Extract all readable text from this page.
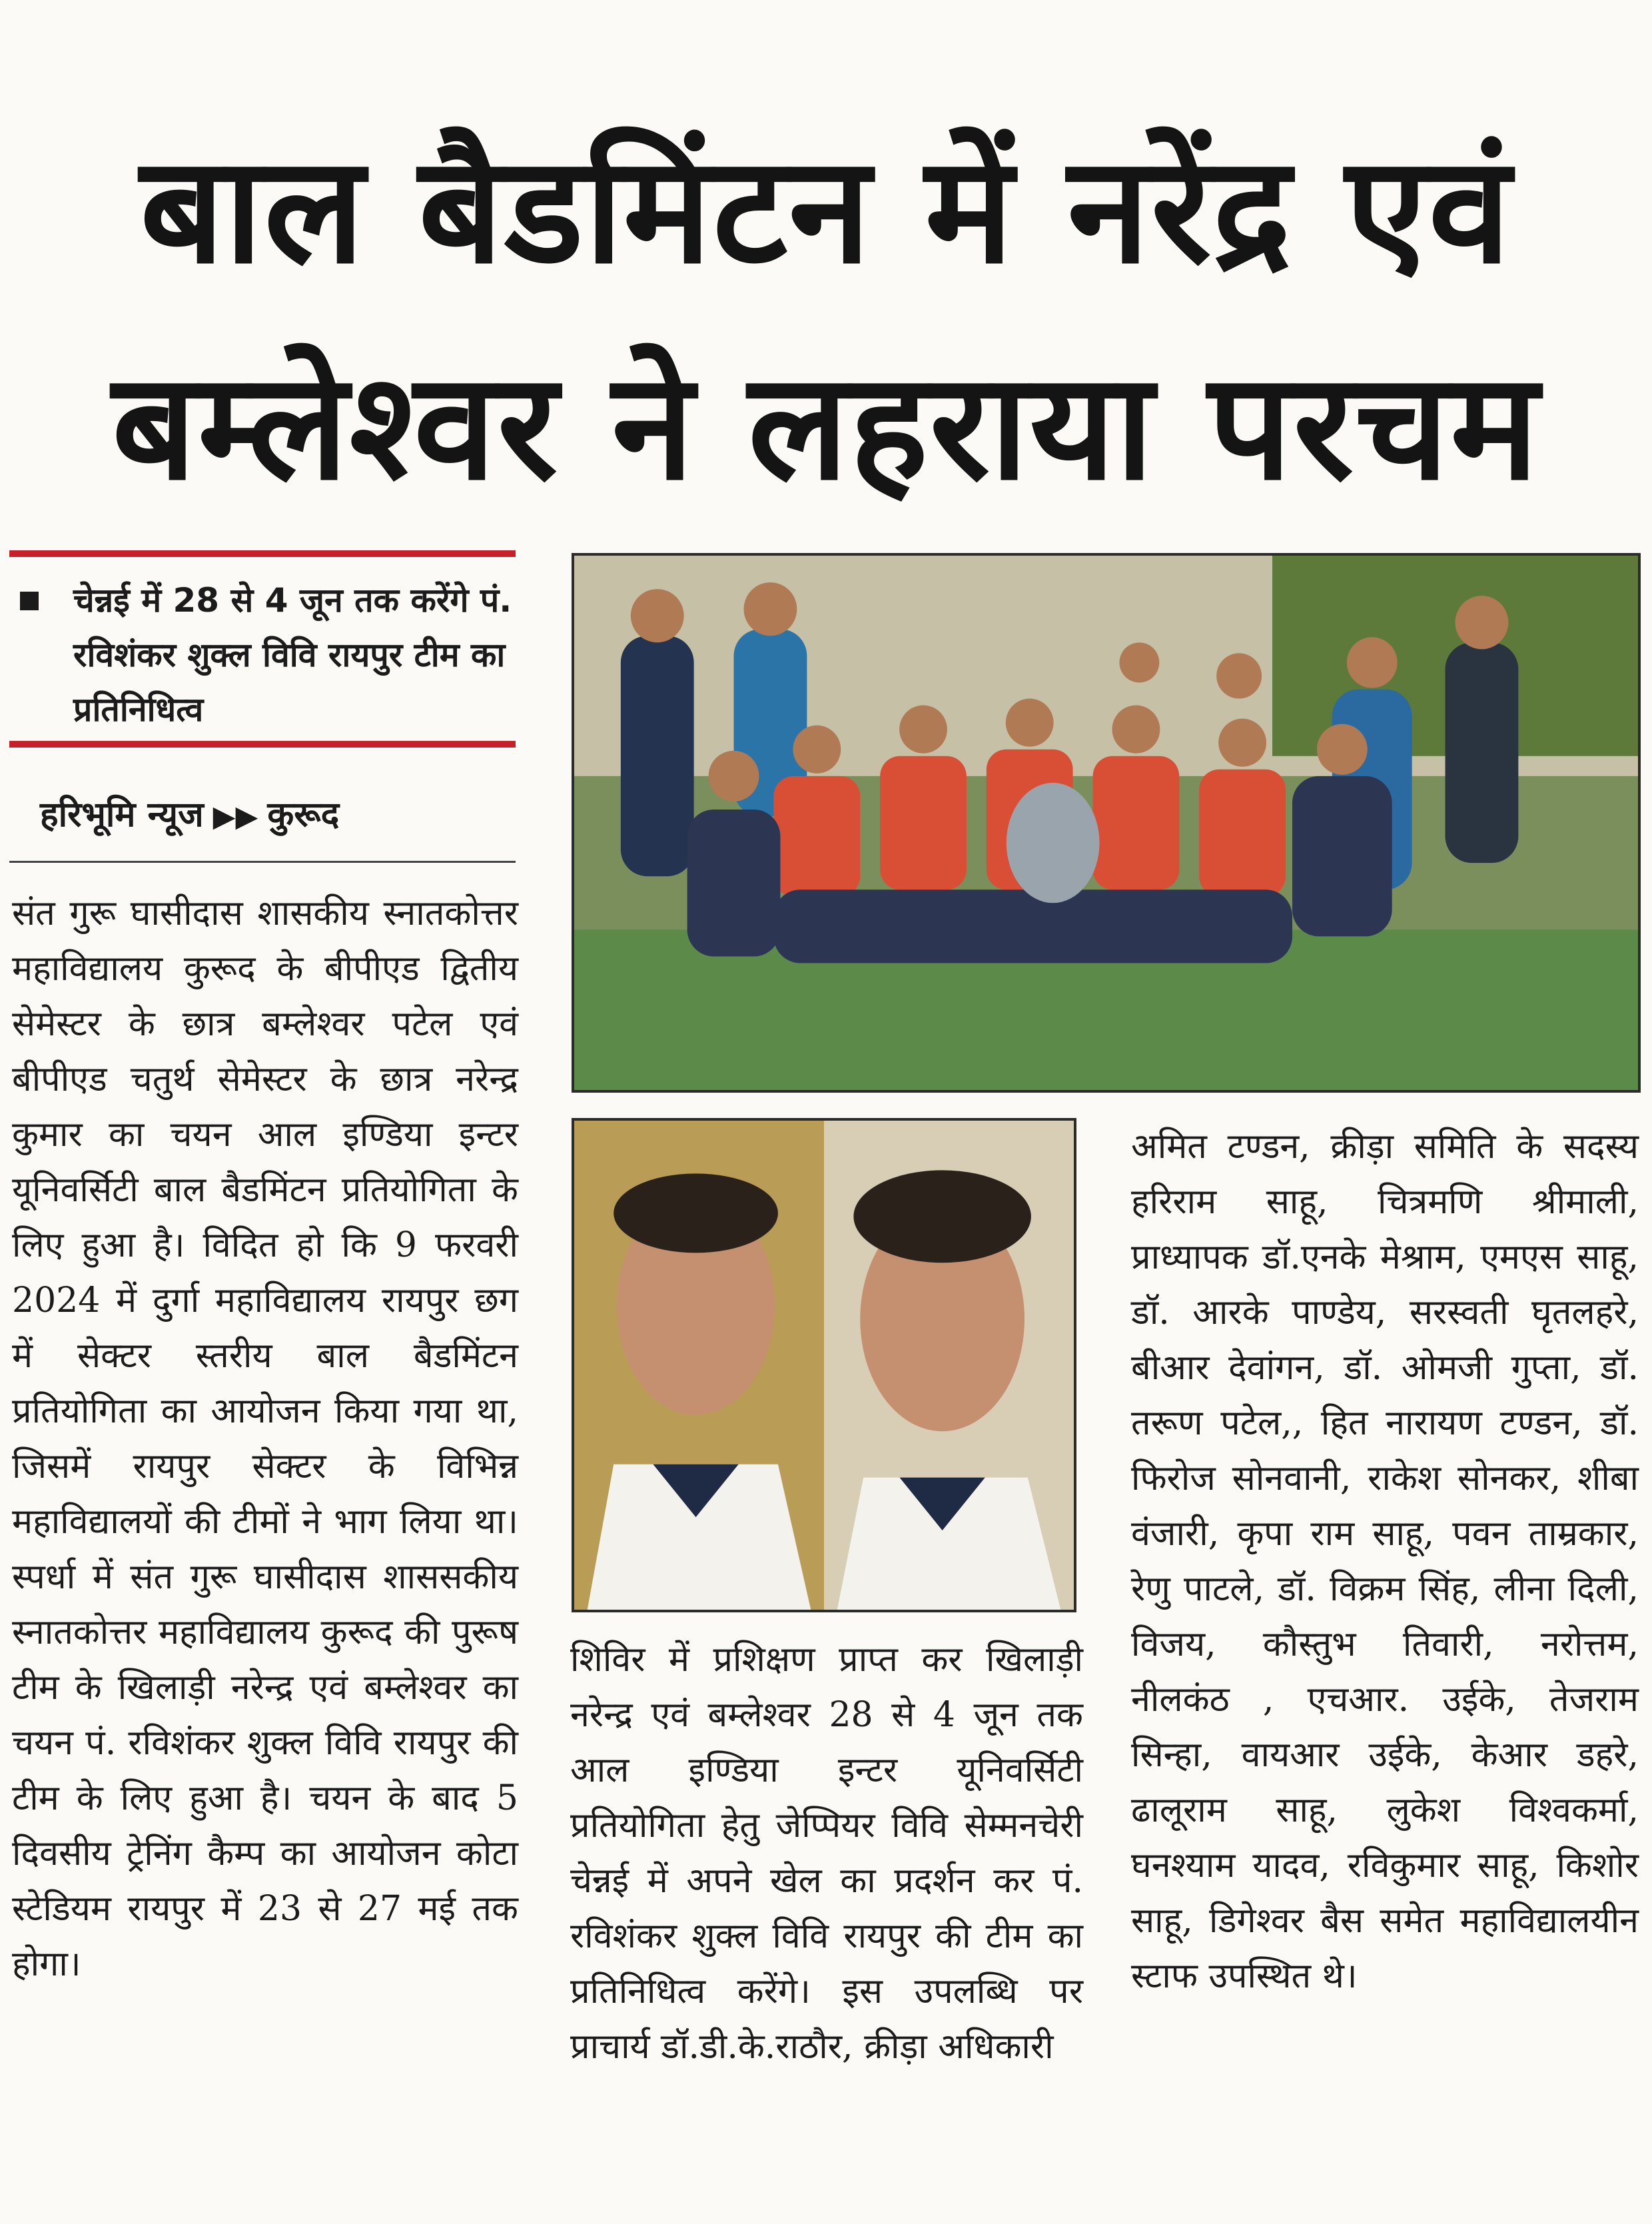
बाल बैडमिंटन में नरेंद्र एवं
बम्लेश्वर ने लहराया परचम
चेन्नई में 28 से 4 जून तक करेंगे पं. रविशंकर शुक्ल विवि रायपुर टीम का प्रतिनिधित्व
हरिभूमि न्यूज ▶▶ कुरूद

संत गुरू घासीदास शासकीय स्नातकोत्तर महाविद्यालय कुरूद के बीपीएड द्वितीय सेमेस्टर के छात्र बम्लेश्वर पटेल एवं बीपीएड चतुर्थ सेमेस्टर के छात्र नरेन्द्र कुमार का चयन आल इण्डिया इन्टर यूनिवर्सिटी बाल बैडमिंटन प्रतियोगिता के लिए हुआ है। विदित हो कि 9 फरवरी 2024 में दुर्गा महाविद्यालय रायपुर छग में सेक्टर स्तरीय बाल बैडमिंटन प्रतियोगिता का आयोजन किया गया था, जिसमें रायपुर सेक्टर के विभिन्न महाविद्यालयों की टीमों ने भाग लिया था। स्पर्धा में संत गुरू घासीदास शाससकीय स्नातकोत्तर महाविद्यालय कुरूद की पुरूष टीम के खिलाड़ी नरेन्द्र एवं बम्लेश्वर का चयन पं. रविशंकर शुक्ल विवि रायपुर की टीम के लिए हुआ है। चयन के बाद 5 दिवसीय ट्रेनिंग कैम्प का आयोजन कोटा स्टेडियम रायपुर में 23 से 27 मई तक होगा।

शिविर में प्रशिक्षण प्राप्त कर खिलाड़ी नरेन्द्र एवं बम्लेश्वर 28 से 4 जून तक आल इण्डिया इन्टर यूनिवर्सिटी प्रतियोगिता हेतु जेप्पियर विवि सेम्मनचेरी चेन्नई में अपने खेल का प्रदर्शन कर पं. रविशंकर शुक्ल विवि रायपुर की टीम का प्रतिनिधित्व करेंगे। इस उपलब्धि पर प्राचार्य डॉ.डी.के.राठौर, क्रीड़ा अधिकारी

अमित टण्डन, क्रीड़ा समिति के सदस्य हरिराम साहू, चित्रमणि श्रीमाली, प्राध्यापक डॉ.एनके मेश्राम, एमएस साहू, डॉ. आरके पाण्डेय, सरस्वती घृतलहरे, बीआर देवांगन, डॉ. ओमजी गुप्ता, डॉ. तरूण पटेल,, हित नारायण टण्डन, डॉ. फिरोज सोनवानी, राकेश सोनकर, शीबा वंजारी, कृपा राम साहू, पवन ताम्रकार, रेणु पाटले, डॉ. विक्रम सिंह, लीना दिली, विजय, कौस्तुभ तिवारी, नरोत्तम, नीलकंठ , एचआर. उईके, तेजराम सिन्हा, वायआर उईके, केआर डहरे, ढालूराम साहू, लुकेश विश्वकर्मा, घनश्याम यादव, रविकुमार साहू, किशोर साहू, डिगेश्वर बैस समेत महाविद्यालयीन स्टाफ उपस्थित थे।
